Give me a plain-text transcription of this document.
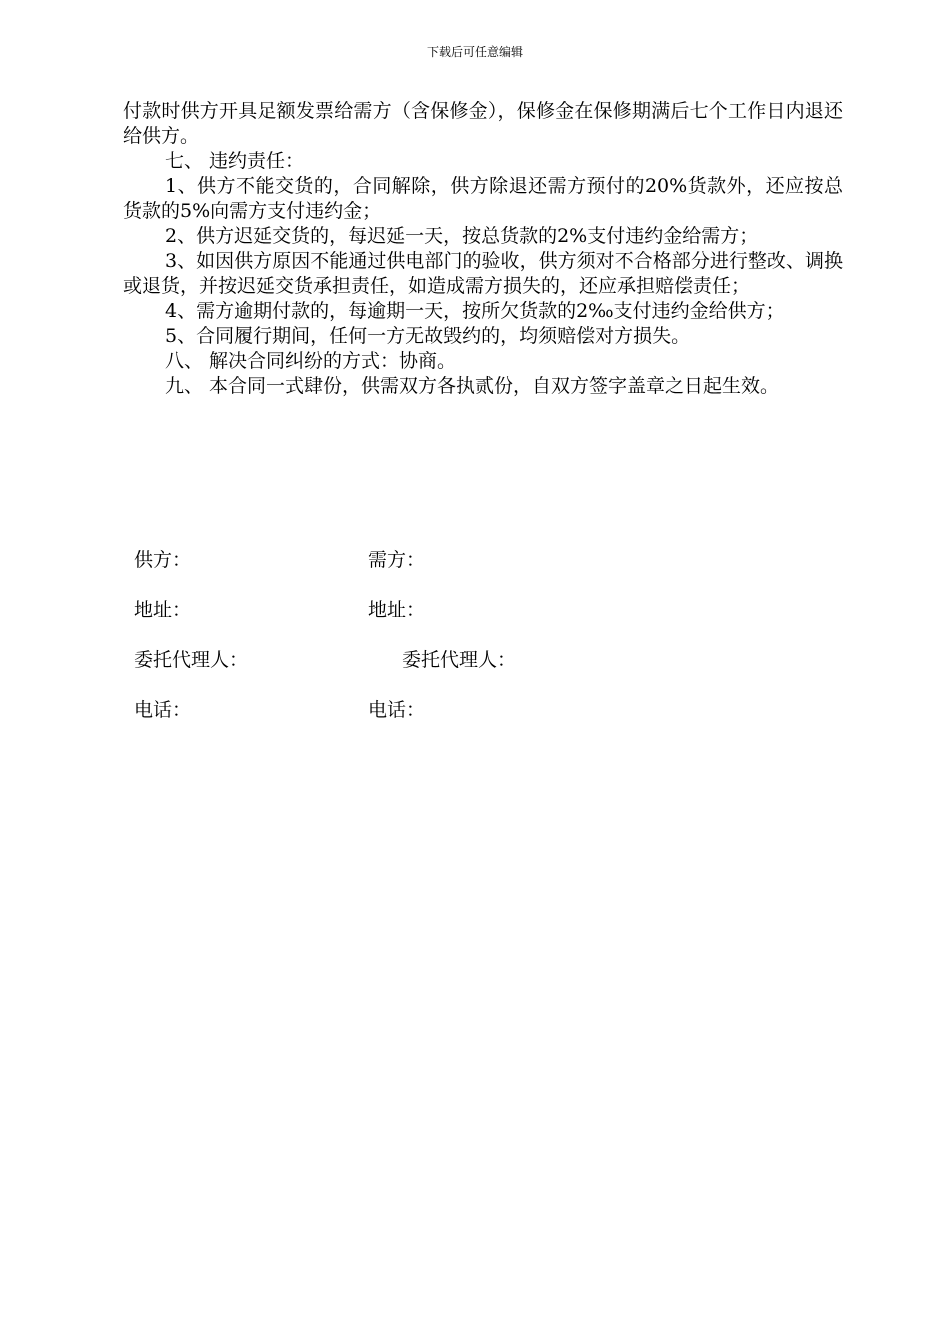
下载后可任意编辑

付款时供方开具足额发票给需方（含保修金），保修金在保修期满后七个工作日内退还给供方。

七、 违约责任：

1、供方不能交货的，合同解除，供方除退还需方预付的20%货款外，还应按总货款的5%向需方支付违约金；

2、供方迟延交货的，每迟延一天，按总货款的2%支付违约金给需方；

3、如因供方原因不能通过供电部门的验收，供方须对不合格部分进行整改、调换或退货，并按迟延交货承担责任，如造成需方损失的，还应承担赔偿责任；

4、需方逾期付款的，每逾期一天，按所欠货款的2‰支付违约金给供方；

5、合同履行期间，任何一方无故毁约的，均须赔偿对方损失。

八、 解决合同纠纷的方式：协商。

九、 本合同一式肆份，供需双方各执贰份，自双方签字盖章之日起生效。

供方：	需方：
地址：	地址：
委托代理人：	委托代理人：
电话：	电话：
